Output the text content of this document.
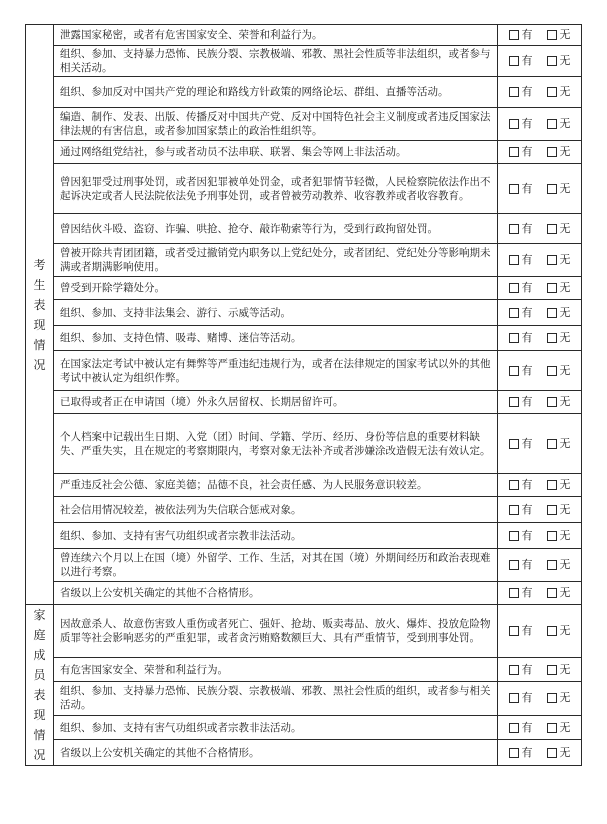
考生表现情况	泄露国家秘密，或者有危害国家安全、荣誉和利益行为。	有 无
	组织、参加、支持暴力恐怖、民族分裂、宗教极端、邪教、黑社会性质等非法组织，或者参与相关活动。	有 无
	组织、参加反对中国共产党的理论和路线方针政策的网络论坛、群组、直播等活动。	有 无
	编造、制作、发表、出版、传播反对中国共产党、反对中国特色社会主义制度或者违反国家法律法规的有害信息，或者参加国家禁止的政治性组织等。	有 无
	通过网络组党结社，参与或者动员不法串联、联署、集会等网上非法活动。	有 无
	曾因犯罪受过刑事处罚，或者因犯罪被单处罚金，或者犯罪情节轻微，人民检察院依法作出不起诉决定或者人民法院依法免予刑事处罚，或者曾被劳动教养、收容教养或者收容教育。	有 无
	曾因结伙斗殴、盗窃、诈骗、哄抢、抢夺、敲诈勒索等行为，受到行政拘留处罚。	有 无
	曾被开除共青团团籍，或者受过撤销党内职务以上党纪处分，或者团纪、党纪处分等影响期未满或者期满影响使用。	有 无
	曾受到开除学籍处分。	有 无
	组织、参加、支持非法集会、游行、示威等活动。	有 无
	组织、参加、支持色情、吸毒、赌博、迷信等活动。	有 无
	在国家法定考试中被认定有舞弊等严重违纪违规行为，或者在法律规定的国家考试以外的其他考试中被认定为组织作弊。	有 无
	已取得或者正在申请国（境）外永久居留权、长期居留许可。	有 无
	个人档案中记载出生日期、入党（团）时间、学籍、学历、经历、身份等信息的重要材料缺失、严重失实，且在规定的考察期限内，考察对象无法补齐或者涉嫌涂改造假无法有效认定。	有 无
	严重违反社会公德、家庭美德；品德不良，社会责任感、为人民服务意识较差。	有 无
	社会信用情况较差，被依法列为失信联合惩戒对象。	有 无
	组织、参加、支持有害气功组织或者宗教非法活动。	有 无
	曾连续六个月以上在国（境）外留学、工作、生活，对其在国（境）外期间经历和政治表现难以进行考察。	有 无
	省级以上公安机关确定的其他不合格情形。	有 无
家庭成员表现情况	因故意杀人、故意伤害致人重伤或者死亡、强奸、抢劫、贩卖毒品、放火、爆炸、投放危险物质罪等社会影响恶劣的严重犯罪，或者贪污贿赂数额巨大、具有严重情节，受到刑事处罚。	有 无
	有危害国家安全、荣誉和利益行为。	有 无
	组织、参加、支持暴力恐怖、民族分裂、宗教极端、邪教、黑社会性质的组织，或者参与相关活动。	有 无
	组织、参加、支持有害气功组织或者宗教非法活动。	有 无
	省级以上公安机关确定的其他不合格情形。	有 无
